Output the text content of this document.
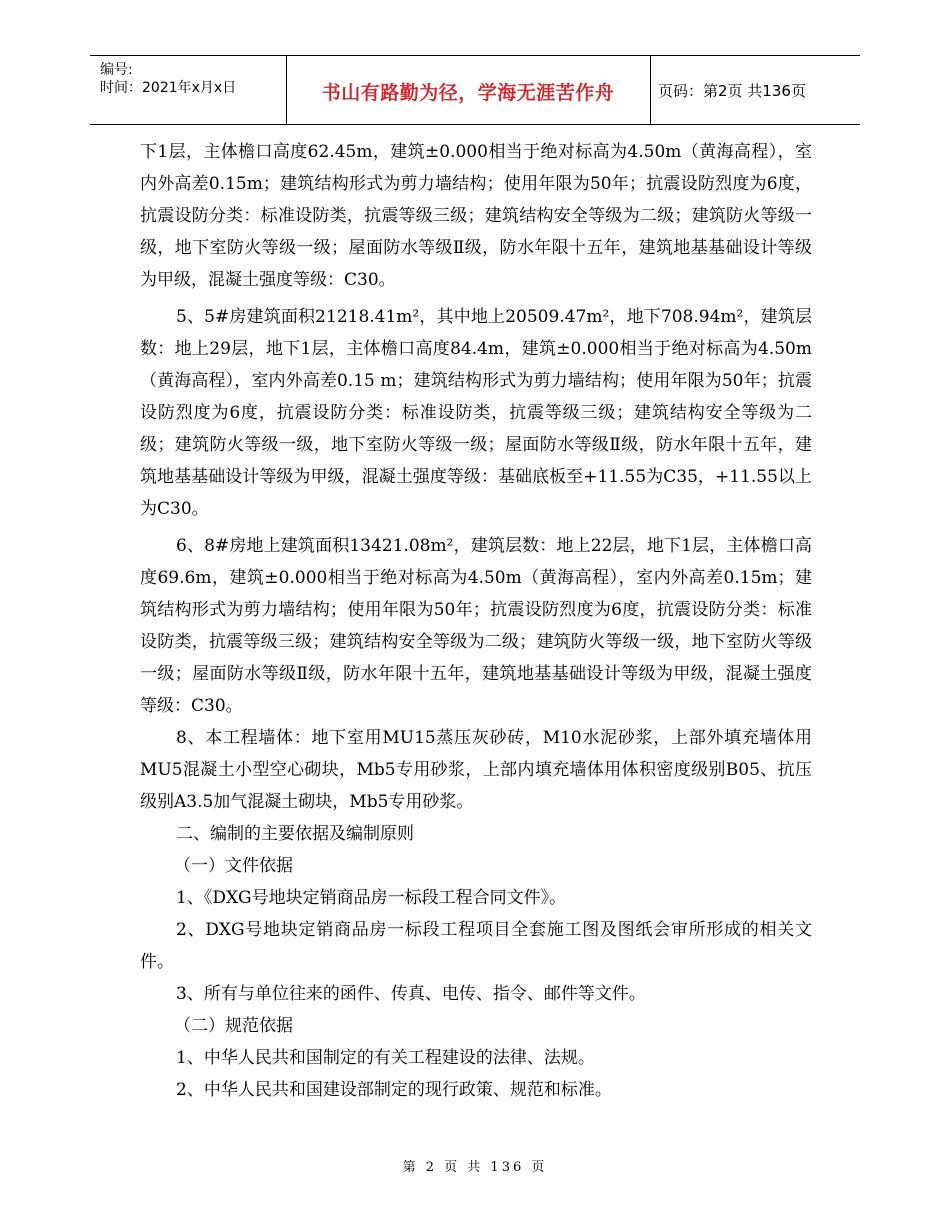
编号:
时间：2021年x月x日	书山有路勤为径，学海无涯苦作舟	页码：第2页 共136页

下1层，主体檐口高度62.45m，建筑±0.000相当于绝对标高为4.50m（黄海高程），室内外高差0.15m；建筑结构形式为剪力墙结构；使用年限为50年；抗震设防烈度为6度，抗震设防分类：标准设防类，抗震等级三级；建筑结构安全等级为二级；建筑防火等级一级，地下室防火等级一级；屋面防水等级Ⅱ级，防水年限十五年，建筑地基基础设计等级为甲级，混凝土强度等级：C30。

5、5#房建筑面积21218.41m²，其中地上20509.47m²，地下708.94m²，建筑层数：地上29层，地下1层，主体檐口高度84.4m，建筑±0.000相当于绝对标高为4.50m（黄海高程），室内外高差0.15 m；建筑结构形式为剪力墙结构；使用年限为50年；抗震设防烈度为6度，抗震设防分类：标准设防类，抗震等级三级；建筑结构安全等级为二级；建筑防火等级一级，地下室防火等级一级；屋面防水等级Ⅱ级，防水年限十五年，建筑地基基础设计等级为甲级，混凝土强度等级：基础底板至+11.55为C35，+11.55以上为C30。

6、8#房地上建筑面积13421.08m²，建筑层数：地上22层，地下1层，主体檐口高度69.6m，建筑±0.000相当于绝对标高为4.50m（黄海高程），室内外高差0.15m；建筑结构形式为剪力墙结构；使用年限为50年；抗震设防烈度为6度，抗震设防分类：标准设防类，抗震等级三级；建筑结构安全等级为二级；建筑防火等级一级，地下室防火等级一级；屋面防水等级Ⅱ级，防水年限十五年，建筑地基基础设计等级为甲级，混凝土强度等级：C30。

8、本工程墙体：地下室用MU15蒸压灰砂砖，M10水泥砂浆，上部外填充墙体用MU5混凝土小型空心砌块，Mb5专用砂浆，上部内填充墙体用体积密度级别B05、抗压级别A3.5加气混凝土砌块，Mb5专用砂浆。

二、编制的主要依据及编制原则

（一）文件依据

1、《DXG号地块定销商品房一标段工程合同文件》。

2、DXG号地块定销商品房一标段工程项目全套施工图及图纸会审所形成的相关文件。

3、所有与单位往来的函件、传真、电传、指令、邮件等文件。

（二）规范依据

1、中华人民共和国制定的有关工程建设的法律、法规。

2、中华人民共和国建设部制定的现行政策、规范和标准。

第 2 页 共 136 页
